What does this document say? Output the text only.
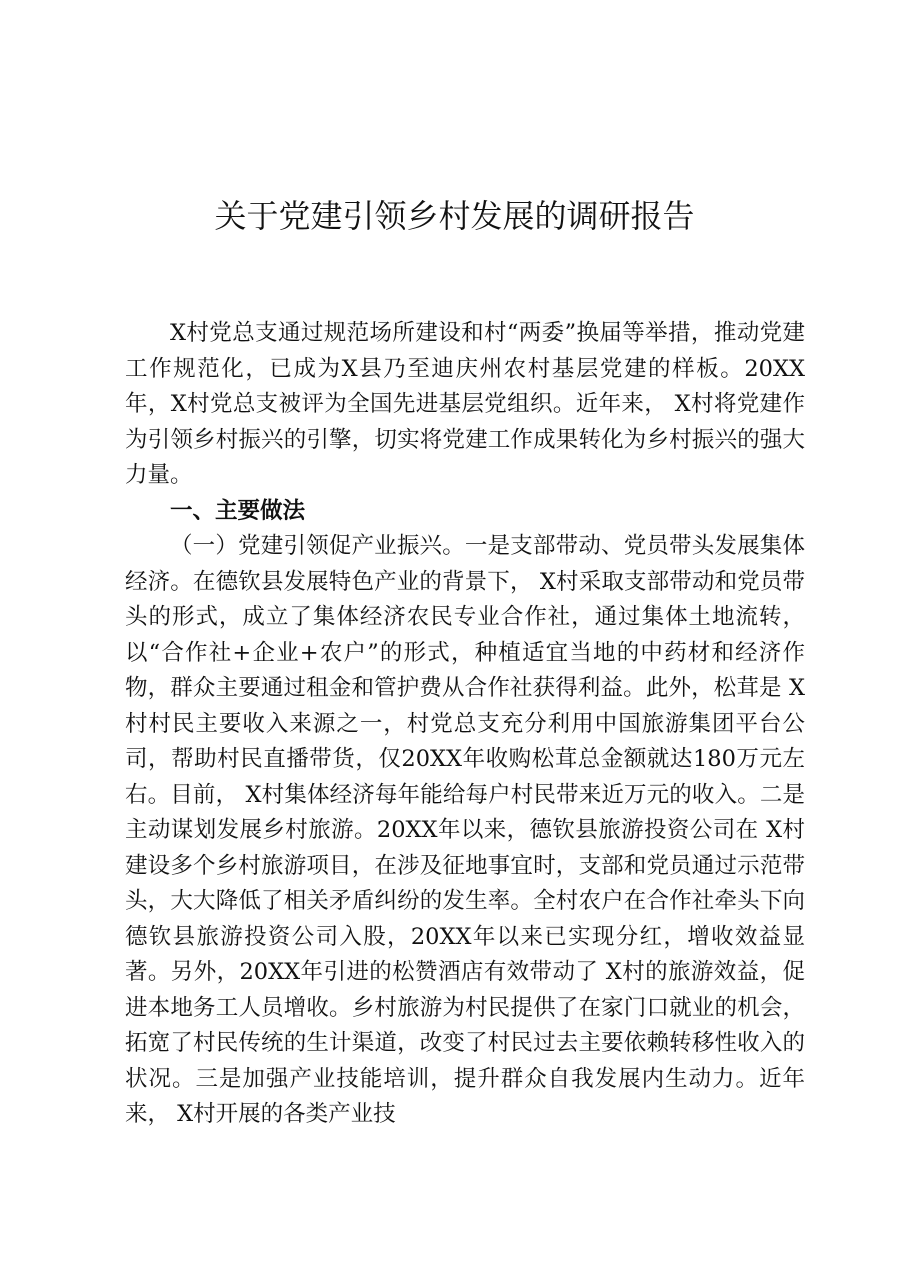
关于党建引领乡村发展的调研报告

X村党总支通过规范场所建设和村“两委”换届等举措，推动党建工作规范化，已成为X县乃至迪庆州农村基层党建的样板。20XX年，X村党总支被评为全国先进基层党组织。近年来， X村将党建作为引领乡村振兴的引擎，切实将党建工作成果转化为乡村振兴的强大力量。

一、主要做法

（一）党建引领促产业振兴。一是支部带动、党员带头发展集体经济。在德钦县发展特色产业的背景下， X村采取支部带动和党员带头的形式，成立了集体经济农民专业合作社，通过集体土地流转，以“合作社+企业+农户”的形式，种植适宜当地的中药材和经济作物，群众主要通过租金和管护费从合作社获得利益。此外，松茸是 X村村民主要收入来源之一，村党总支充分利用中国旅游集团平台公司，帮助村民直播带货，仅20XX年收购松茸总金额就达180万元左右。目前， X村集体经济每年能给每户村民带来近万元的收入。二是主动谋划发展乡村旅游。20XX年以来，德钦县旅游投资公司在 X村建设多个乡村旅游项目，在涉及征地事宜时，支部和党员通过示范带头，大大降低了相关矛盾纠纷的发生率。全村农户在合作社牵头下向德钦县旅游投资公司入股，20XX年以来已实现分红，增收效益显著。另外，20XX年引进的松赞酒店有效带动了 X村的旅游效益，促进本地务工人员增收。乡村旅游为村民提供了在家门口就业的机会，拓宽了村民传统的生计渠道，改变了村民过去主要依赖转移性收入的状况。三是加强产业技能培训，提升群众自我发展内生动力。近年来， X村开展的各类产业技
